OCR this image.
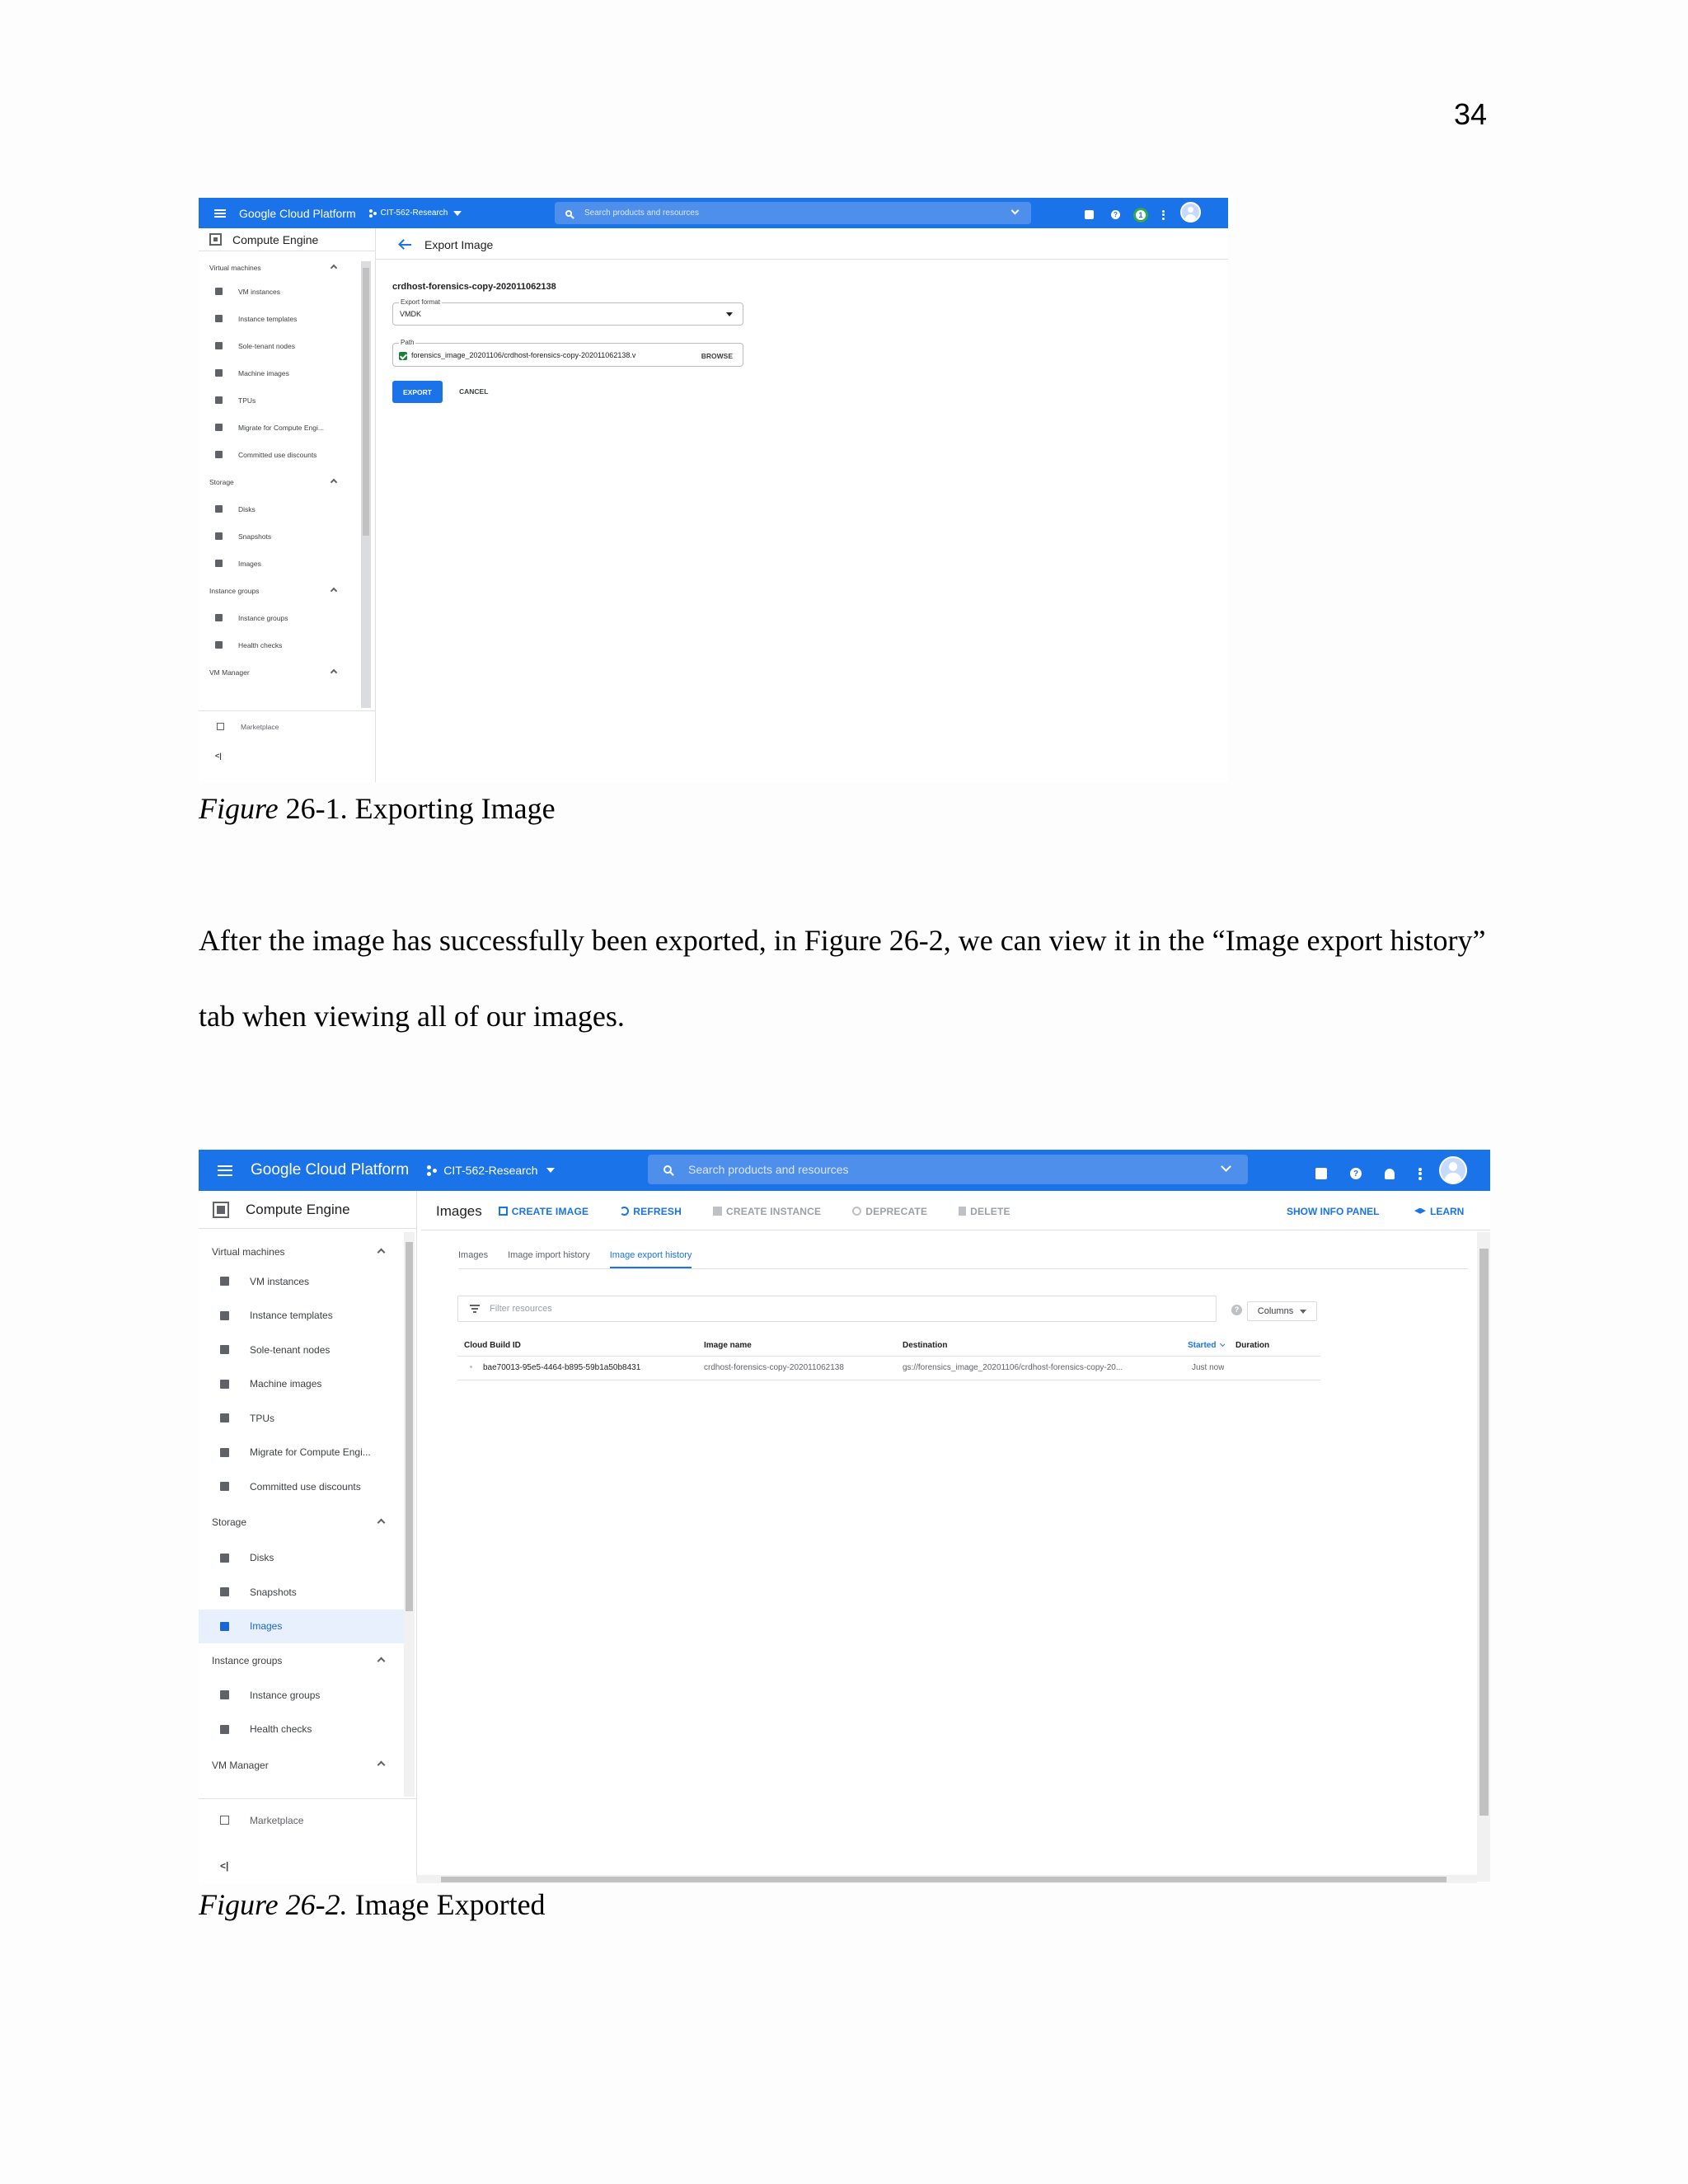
34
Google Cloud Platform	CIT-562-Research	Search products and resources	?	1
Compute Engine
Virtual machines
VM instances
Instance templates
Sole-tenant nodes
Machine images
TPUs
Migrate for Compute Engi...
Committed use discounts
Storage
Disks
Snapshots
Images
Instance groups
Instance groups
Health checks
VM Manager
Marketplace
<|
Export Image
crdhost-forensics-copy-202011062138
Export format
VMDK
Path
forensics_image_20201106/crdhost-forensics-copy-202011062138.v	BROWSE
EXPORT	CANCEL
Figure 26-1. Exporting Image
After the image has successfully been exported, in Figure 26-2, we can view it in the “Image export history” tab when viewing all of our images.
Google Cloud Platform	CIT-562-Research	Search products and resources	?
Compute Engine
Virtual machines
VM instances
Instance templates
Sole-tenant nodes
Machine images
TPUs
Migrate for Compute Engi...
Committed use discounts
Storage
Disks
Snapshots
Images
Instance groups
Instance groups
Health checks
VM Manager
Marketplace
<|
Images	CREATE IMAGE	REFRESH	CREATE INSTANCE	DEPRECATE	DELETE	SHOW INFO PANEL	LEARN
Images Image import history Image export history
Filter resources	?	Columns
Cloud Build ID	Image name	Destination	Started	Duration
bae70013-95e5-4464-b895-59b1a50b8431	crdhost-forensics-copy-202011062138	gs://forensics_image_20201106/crdhost-forensics-copy-20...	Just now
Figure 26-2. Image Exported
